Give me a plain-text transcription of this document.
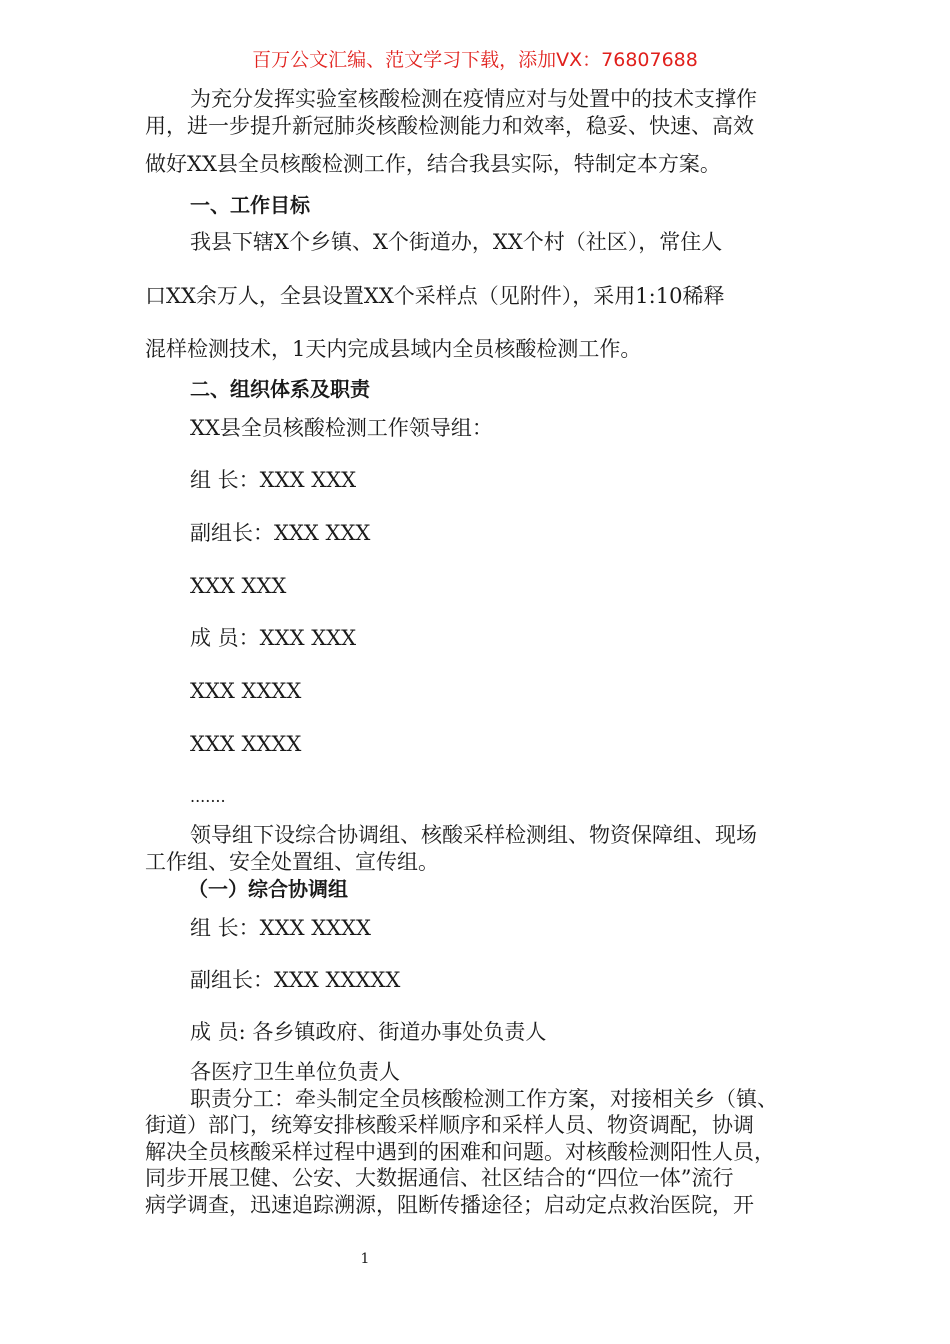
百万公文汇编、范文学习下载，添加VX：76807688
为充分发挥实验室核酸检测在疫情应对与处置中的技术支撑作
用，进一步提升新冠肺炎核酸检测能力和效率，稳妥、快速、高效
做好XX县全员核酸检测工作，结合我县实际，特制定本方案。
一、工作目标
我县下辖X个乡镇、X个街道办，XX个村（社区），常住人
口XX余万人，全县设置XX个采样点（见附件），采用1:10稀释
混样检测技术，1天内完成县域内全员核酸检测工作。
二、组织体系及职责
XX县全员核酸检测工作领导组：
组 长：XXX XXX
副组长：XXX XXX
XXX XXX
成 员：XXX XXX
XXX XXXX
XXX XXXX
.......
领导组下设综合协调组、核酸采样检测组、物资保障组、现场
工作组、安全处置组、宣传组。
（一）综合协调组
组 长：XXX XXXX
副组长：XXX XXXXX
成 员: 各乡镇政府、街道办事处负责人
各医疗卫生单位负责人
职责分工：牵头制定全员核酸检测工作方案，对接相关乡（镇、
街道）部门，统筹安排核酸采样顺序和采样人员、物资调配，协调
解决全员核酸采样过程中遇到的困难和问题。对核酸检测阳性人员，
同步开展卫健、公安、大数据通信、社区结合的“四位一体”流行
病学调查，迅速追踪溯源，阻断传播途径；启动定点救治医院，开
1
